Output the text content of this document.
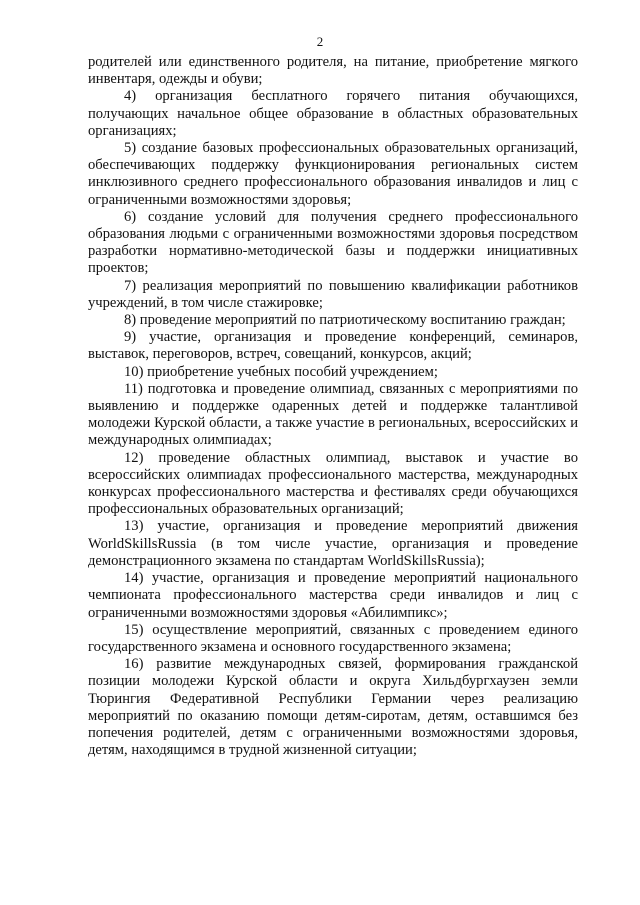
2

родителей или единственного родителя, на питание, приобретение мягкого инвентаря, одежды и обуви;

4) организация бесплатного горячего питания обучающихся, получающих начальное общее образование в областных образовательных организациях;

5) создание базовых профессиональных образовательных организаций, обеспечивающих поддержку функционирования региональных систем инклюзивного среднего профессионального образования инвалидов и лиц с ограниченными возможностями здоровья;

6) создание условий для получения среднего профессионального образования людьми с ограниченными возможностями здоровья посредством разработки нормативно-методической базы и поддержки инициативных проектов;

7) реализация мероприятий по повышению квалификации работников учреждений, в том числе стажировке;

8) проведение мероприятий по патриотическому воспитанию граждан;

9) участие, организация и проведение конференций, семинаров, выставок, переговоров, встреч, совещаний, конкурсов, акций;

10) приобретение учебных пособий учреждением;

11) подготовка и проведение олимпиад, связанных с мероприятиями по выявлению и поддержке одаренных детей и поддержке талантливой молодежи Курской области, а также участие в региональных, всероссийских и международных олимпиадах;

12) проведение областных олимпиад, выставок и участие во всероссийских олимпиадах профессионального мастерства, международных конкурсах профессионального мастерства и фестивалях среди обучающихся профессиональных образовательных организаций;

13) участие, организация и проведение мероприятий движения WorldSkillsRussia (в том числе участие, организация и проведение демонстрационного экзамена по стандартам WorldSkillsRussia);

14) участие, организация и проведение мероприятий национального чемпионата профессионального мастерства среди инвалидов и лиц с ограниченными возможностями здоровья «Абилимпикс»;

15) осуществление мероприятий, связанных с проведением единого государственного экзамена и основного государственного экзамена;

16) развитие международных связей, формирования гражданской позиции молодежи Курской области и округа Хильдбургхаузен земли Тюрингия Федеративной Республики Германии через реализацию мероприятий по оказанию помощи детям-сиротам, детям, оставшимся без попечения родителей, детям с ограниченными возможностями здоровья, детям, находящимся в трудной жизненной ситуации;
